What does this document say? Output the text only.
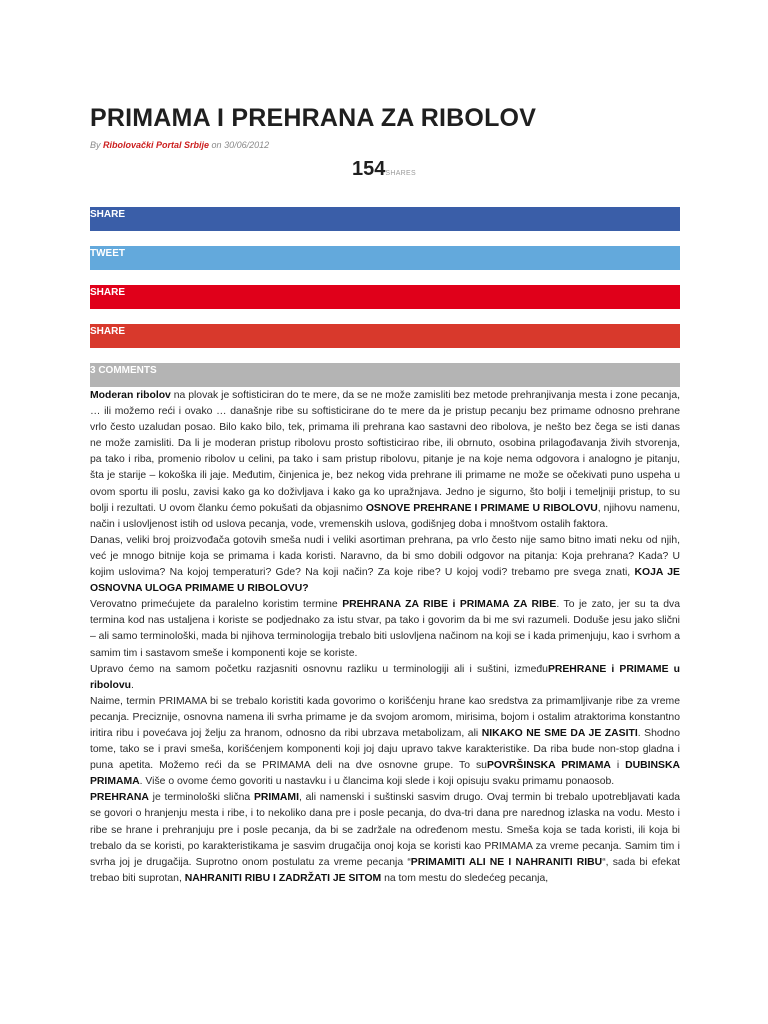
PRIMAMA I PREHRANA ZA RIBOLOV
By Ribolovački Portal Srbije on 30/06/2012
154SHARES
SHARE
TWEET
SHARE
SHARE
3 COMMENTS

Moderan ribolov na plovak je softisticiran do te mere, da se ne može zamisliti bez metode prehranjivanja mesta i zone pecanja, … ili možemo reći i ovako … današnje ribe su softisticirane do te mere da je pristup pecanju bez primame odnosno prehrane vrlo često uzaludan posao. Bilo kako bilo, tek, primama ili prehrana kao sastavni deo ribolova, je nešto bez čega se isti danas ne može zamisliti. Da li je moderan pristup ribolovu prosto softisticirao ribe, ili obrnuto, osobina prilagođavanja živih stvorenja, pa tako i riba, promenio ribolov u celini, pa tako i sam pristup ribolovu, pitanje je na koje nema odgovora i analogno je pitanju, šta je starije – kokoška ili jaje. Međutim, činjenica je, bez nekog vida prehrane ili primame ne može se očekivati puno uspeha u ovom sportu ili poslu, zavisi kako ga ko doživljava i kako ga ko upražnjava. Jedno je sigurno, što bolji i temeljniji pristup, to su bolji i rezultati. U ovom članku ćemo pokušati da objasnimo OSNOVE PREHRANE I PRIMAME U RIBOLOVU, njihovu namenu, način i uslovljenost istih od uslova pecanja, vode, vremenskih uslova, godišnjeg doba i mnoštvom ostalih faktora.

Danas, veliki broj proizvođača gotovih smeša nudi i veliki asortiman prehrana, pa vrlo često nije samo bitno imati neku od njih, već je mnogo bitnije koja se primama i kada koristi. Naravno, da bi smo dobili odgovor na pitanja: Koja prehrana? Kada? U kojim uslovima? Na kojoj temperaturi? Gde? Na koji način? Za koje ribe? U kojoj vodi? trebamo pre svega znati, KOJA JE OSNOVNA ULOGA PRIMAME U RIBOLOVU?

Verovatno primećujete da paralelno koristim termine PREHRANA ZA RIBE i PRIMAMA ZA RIBE. To je zato, jer su ta dva termina kod nas ustaljena i koriste se podjednako za istu stvar, pa tako i govorim da bi me svi razumeli. Doduše jesu jako slični – ali samo terminološki, mada bi njihova terminologija trebalo biti uslovljena načinom na koji se i kada primenjuju, kao i svrhom a samim tim i sastavom smeše i komponenti koje se koriste.

Upravo ćemo na samom početku razjasniti osnovnu razliku u terminologiji ali i suštini, izmeđuPREHRANE i PRIMAME u ribolovu.

Naime, termin PRIMAMA bi se trebalo koristiti kada govorimo o korišćenju hrane kao sredstva za primamljivanje ribe za vreme pecanja. Preciznije, osnovna namena ili svrha primame je da svojom aromom, mirisima, bojom i ostalim atraktorima konstantno iritira ribu i povećava joj želju za hranom, odnosno da ribi ubrzava metabolizam, ali NIKAKO NE SME DA JE ZASITI. Shodno tome, tako se i pravi smeša, korišćenjem komponenti koji joj daju upravo takve karakteristike. Da riba bude non-stop gladna i puna apetita. Možemo reći da se PRIMAMA deli na dve osnovne grupe. To suPOVRŠINSKA PRIMAMA i DUBINSKA PRIMAMA. Više o ovome ćemo govoriti u nastavku i u člancima koji slede i koji opisuju svaku primamu ponaosob.

PREHRANA je terminološki slična PRIMAMI, ali namenski i suštinski sasvim drugo. Ovaj termin bi trebalo upotrebljavati kada se govori o hranjenju mesta i ribe, i to nekoliko dana pre i posle pecanja, do dva-tri dana pre narednog izlaska na vodu. Mesto i ribe se hrane i prehranjuju pre i posle pecanja, da bi se zadržale na određenom mestu. Smeša koja se tada koristi, ili koja bi trebalo da se koristi, po karakteristikama je sasvim drugačija onoj koja se koristi kao PRIMAMA za vreme pecanja. Samim tim i svrha joj je drugačija. Suprotno onom postulatu za vreme pecanja “PRIMAMITI ALI NE I NAHRANITI RIBU“, sada bi efekat trebao biti suprotan, NAHRANITI RIBU I ZADRŽATI JE SITOM na tom mestu do sledećeg pecanja,
